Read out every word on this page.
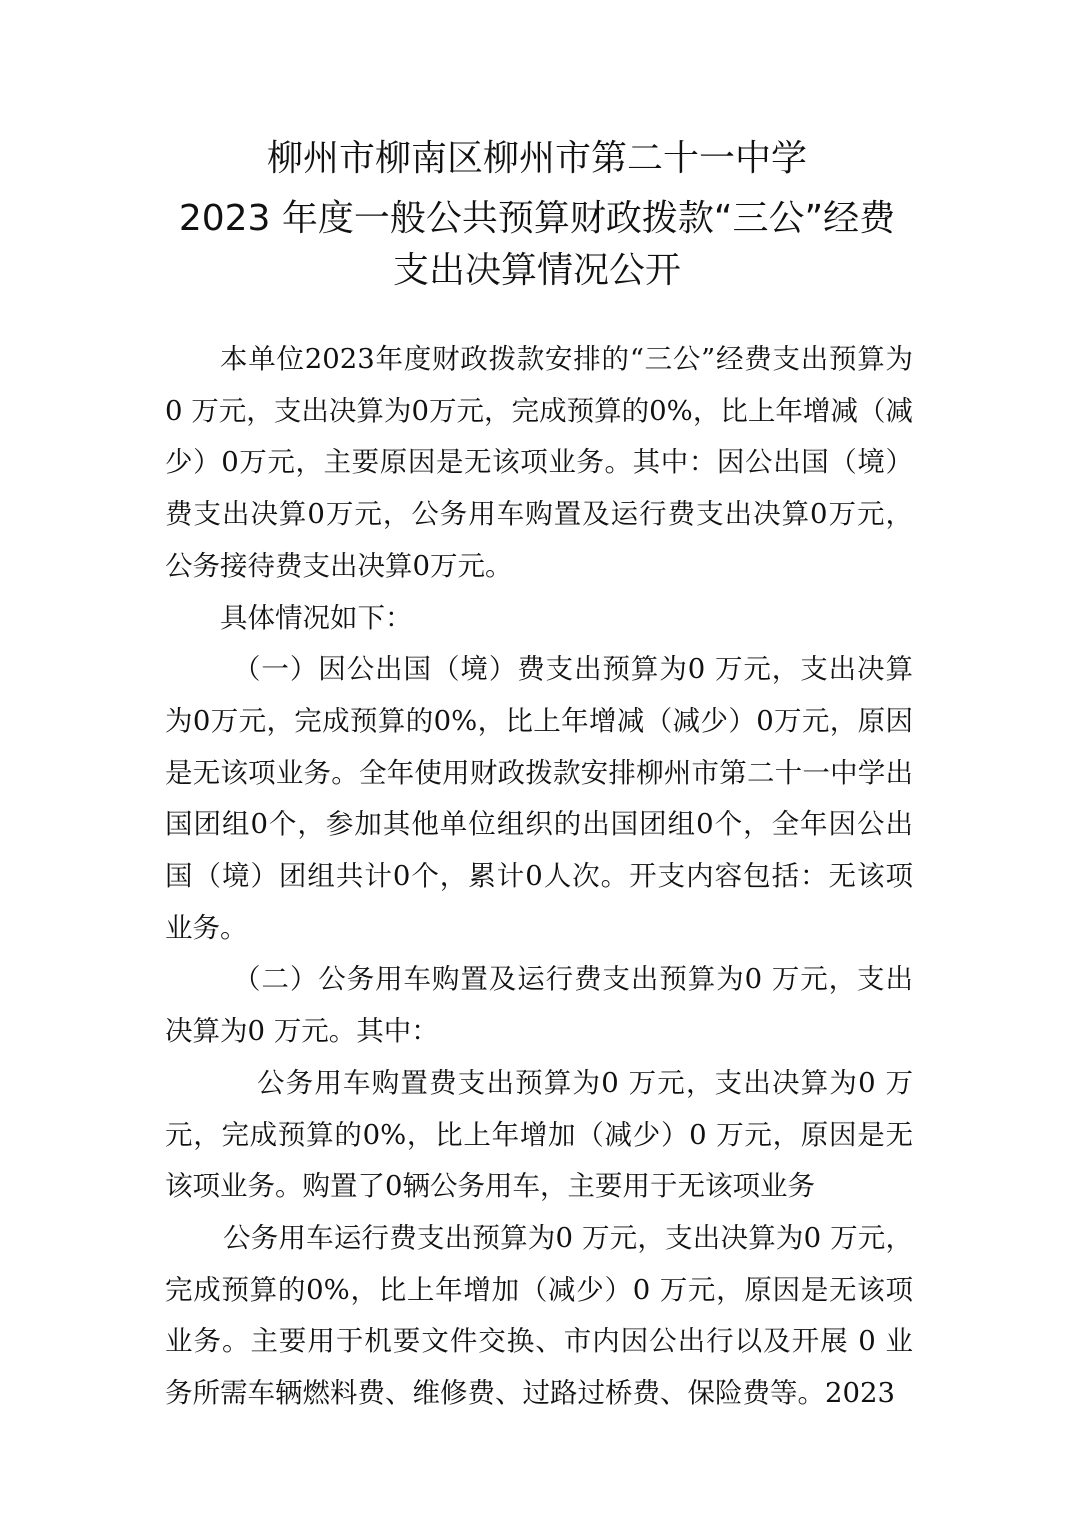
柳州市柳南区柳州市第二十一中学
2023 年度一般公共预算财政拨款“三公”经费
支出决算情况公开

本单位2023年度财政拨款安排的“三公”经费支出预算为0 万元，支出决算为0万元，完成预算的0%，比上年增减（减少）0万元，主要原因是无该项业务。其中：因公出国（境）费支出决算0万元，公务用车购置及运行费支出决算0万元，公务接待费支出决算0万元。

具体情况如下：

（一）因公出国（境）费支出预算为0 万元，支出决算为0万元，完成预算的0%，比上年增减（减少）0万元，原因是无该项业务。全年使用财政拨款安排柳州市第二十一中学出国团组0个，参加其他单位组织的出国团组0个，全年因公出国（境）团组共计0个，累计0人次。开支内容包括：无该项业务。

（二）公务用车购置及运行费支出预算为0 万元，支出决算为0 万元。其中：

公务用车购置费支出预算为0 万元，支出决算为0 万元，完成预算的0%，比上年增加（减少）0 万元，原因是无该项业务。购置了0辆公务用车，主要用于无该项业务

公务用车运行费支出预算为0 万元，支出决算为0 万元，完成预算的0%，比上年增加（减少）0 万元，原因是无该项业务。主要用于机要文件交换、市内因公出行以及开展 0 业务所需车辆燃料费、维修费、过路过桥费、保险费等。2023
